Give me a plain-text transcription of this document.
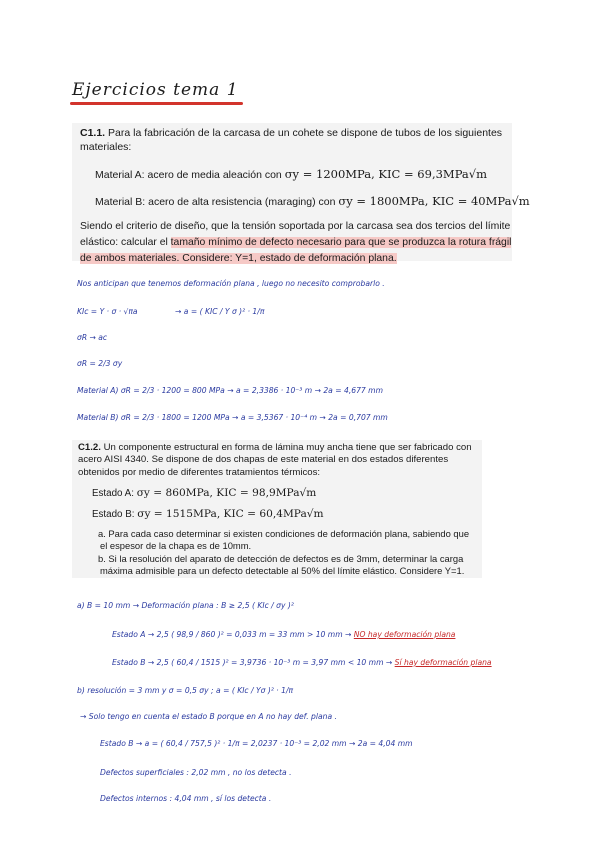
Ejercicios tema 1
C1.1. Para la fabricación de la carcasa de un cohete se dispone de tubos de los siguientes materiales:
Material A: acero de media aleación con σy = 1200MPa, KIC = 69,3MPa√m
Material B: acero de alta resistencia (maraging) con σy = 1800MPa, KIC = 40MPa√m
Siendo el criterio de diseño, que la tensión soportada por la carcasa sea dos tercios del límite
elástico: calcular el tamaño mínimo de defecto necesario para que se produzca la rotura frágil
de ambos materiales. Considere: Y=1, estado de deformación plana.
Nos anticipan que tenemos deformación plana , luego no necesito comprobarlo .
KIc = Y · σ · √πa	→ a = ( KIC / Y σ )² · 1/π
σR → ac
σR = 2/3 σy
Material A) σR = 2/3 · 1200 = 800 MPa → a = 2,3386 · 10⁻³ m → 2a = 4,677 mm
Material B) σR = 2/3 · 1800 = 1200 MPa → a = 3,5367 · 10⁻⁴ m → 2a = 0,707 mm
C1.2. Un componente estructural en forma de lámina muy ancha tiene que ser fabricado con
acero AISI 4340. Se dispone de dos chapas de este material en dos estados diferentes
obtenidos por medio de diferentes tratamientos térmicos:
Estado A: σy = 860MPa, KIC = 98,9MPa√m
Estado B: σy = 1515MPa, KIC = 60,4MPa√m
a. Para cada caso determinar si existen condiciones de deformación plana, sabiendo que
el espesor de la chapa es de 10mm.
b. Si la resolución del aparato de detección de defectos es de 3mm, determinar la carga
máxima admisible para un defecto detectable al 50% del límite elástico. Considere Y=1.
a) B = 10 mm → Deformación plana : B ≥ 2,5 ( KIc / σy )²
Estado A → 2,5 ( 98,9 / 860 )² = 0,033 m = 33 mm > 10 mm → NO hay deformación plana
Estado B → 2,5 ( 60,4 / 1515 )² = 3,9736 · 10⁻³ m = 3,97 mm < 10 mm → Sí hay deformación plana
b) resolución = 3 mm y σ = 0,5 σy ; a = ( KIc / Yσ )² · 1/π
→ Solo tengo en cuenta el estado B porque en A no hay def. plana .
Estado B → a = ( 60,4 / 757,5 )² · 1/π = 2,0237 · 10⁻³ = 2,02 mm → 2a = 4,04 mm
Defectos superficiales : 2,02 mm , no los detecta .
Defectos internos : 4,04 mm , sí los detecta .
